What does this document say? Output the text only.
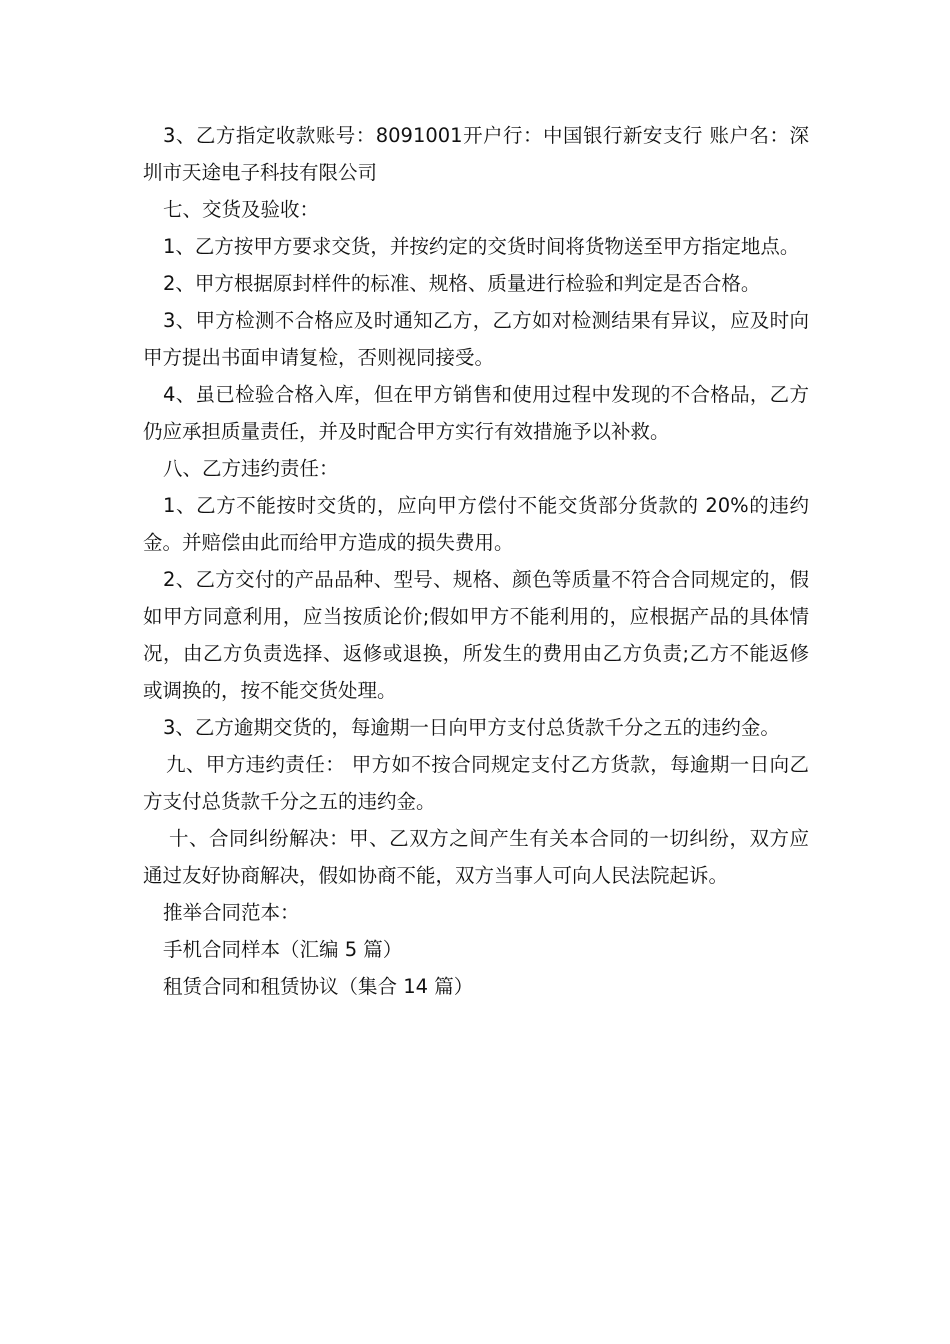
3、乙方指定收款账号：8091001开户行：中国银行新安支行 账户名：深圳市天途电子科技有限公司

七、交货及验收：

1、乙方按甲方要求交货，并按约定的交货时间将货物送至甲方指定地点。

2、甲方根据原封样件的标准、规格、质量进行检验和判定是否合格。

3、甲方检测不合格应及时通知乙方，乙方如对检测结果有异议，应及时向甲方提出书面申请复检，否则视同接受。

4、虽已检验合格入库，但在甲方销售和使用过程中发现的不合格品，乙方仍应承担质量责任，并及时配合甲方实行有效措施予以补救。

八、乙方违约责任：

1、乙方不能按时交货的，应向甲方偿付不能交货部分货款的 20%的违约金。并赔偿由此而给甲方造成的损失费用。

2、乙方交付的产品品种、型号、规格、颜色等质量不符合合同规定的，假如甲方同意利用，应当按质论价;假如甲方不能利用的，应根据产品的具体情况，由乙方负责选择、返修或退换，所发生的费用由乙方负责;乙方不能返修或调换的，按不能交货处理。

3、乙方逾期交货的，每逾期一日向甲方支付总货款千分之五的违约金。

九、甲方违约责任： 甲方如不按合同规定支付乙方货款，每逾期一日向乙方支付总货款千分之五的违约金。

十、合同纠纷解决：甲、乙双方之间产生有关本合同的一切纠纷，双方应通过友好协商解决，假如协商不能，双方当事人可向人民法院起诉。

推举合同范本：

手机合同样本（汇编 5 篇）

租赁合同和租赁协议（集合 14 篇）
